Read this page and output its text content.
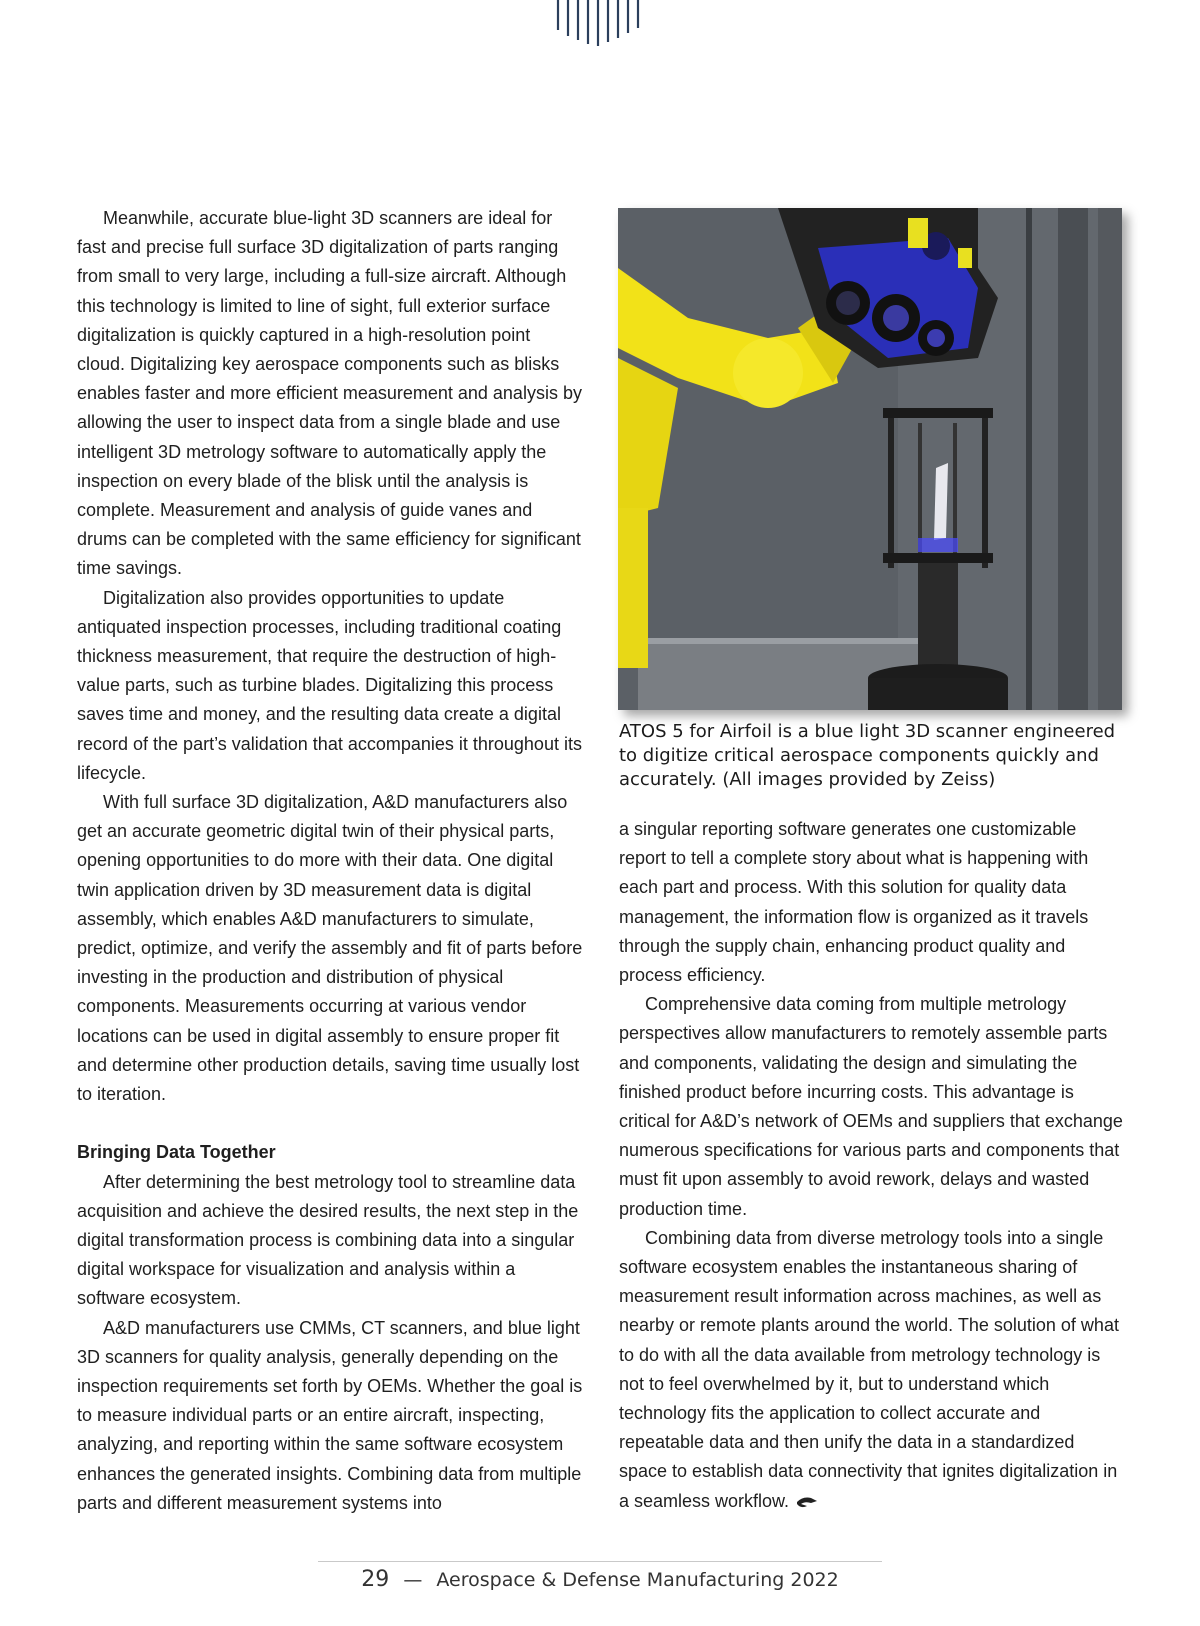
Meanwhile, accurate blue-light 3D scanners are ideal for fast and precise full surface 3D digitalization of parts ranging from small to very large, including a full-size aircraft. Although this technology is limited to line of sight, full exterior surface digitalization is quickly captured in a high-resolution point cloud. Digitalizing key aerospace components such as blisks enables faster and more efficient measurement and analysis by allowing the user to inspect data from a single blade and use intelligent 3D metrology software to automatically apply the inspection on every blade of the blisk until the analysis is complete. Measurement and analysis of guide vanes and drums can be completed with the same efficiency for significant time savings.

Digitalization also provides opportunities to update antiquated inspection processes, including traditional coating thickness measurement, that require the destruction of high-value parts, such as turbine blades. Digitalizing this process saves time and money, and the resulting data create a digital record of the part’s validation that accompanies it throughout its lifecycle.

With full surface 3D digitalization, A&D manufacturers also get an accurate geometric digital twin of their physical parts, opening opportunities to do more with their data. One digital twin application driven by 3D measurement data is digital assembly, which enables A&D manufacturers to simulate, predict, optimize, and verify the assembly and fit of parts before investing in the production and distribution of physical components. Measurements occurring at various vendor locations can be used in digital assembly to ensure proper fit and determine other production details, saving time usually lost to iteration.

Bringing Data Together

After determining the best metrology tool to streamline data acquisition and achieve the desired results, the next step in the digital transformation process is combining data into a singular digital workspace for visualization and analysis within a software ecosystem.

A&D manufacturers use CMMs, CT scanners, and blue light 3D scanners for quality analysis, generally depending on the inspection requirements set forth by OEMs. Whether the goal is to measure individual parts or an entire aircraft, inspecting, analyzing, and reporting within the same software ecosystem enhances the generated insights. Combining data from multiple parts and different measurement systems into

ATOS 5 for Airfoil is a blue light 3D scanner engineered to digitize critical aerospace components quickly and accurately. (All images provided by Zeiss)

a singular reporting software generates one customizable report to tell a complete story about what is happening with each part and process. With this solution for quality data management, the information flow is organized as it travels through the supply chain, enhancing product quality and process efficiency.

Comprehensive data coming from multiple metrology perspectives allow manufacturers to remotely assemble parts and components, validating the design and simulating the finished product before incurring costs. This advantage is critical for A&D’s network of OEMs and suppliers that exchange numerous specifications for various parts and components that must fit upon assembly to avoid rework, delays and wasted production time.

Combining data from diverse metrology tools into a single software ecosystem enables the instantaneous sharing of measurement result information across machines, as well as nearby or remote plants around the world. The solution of what to do with all the data available from metrology technology is not to feel overwhelmed by it, but to understand which technology fits the application to collect accurate and repeatable data and then unify the data in a standardized space to establish data connectivity that ignites digitalization in a seamless workflow.

29 — Aerospace & Defense Manufacturing 2022
